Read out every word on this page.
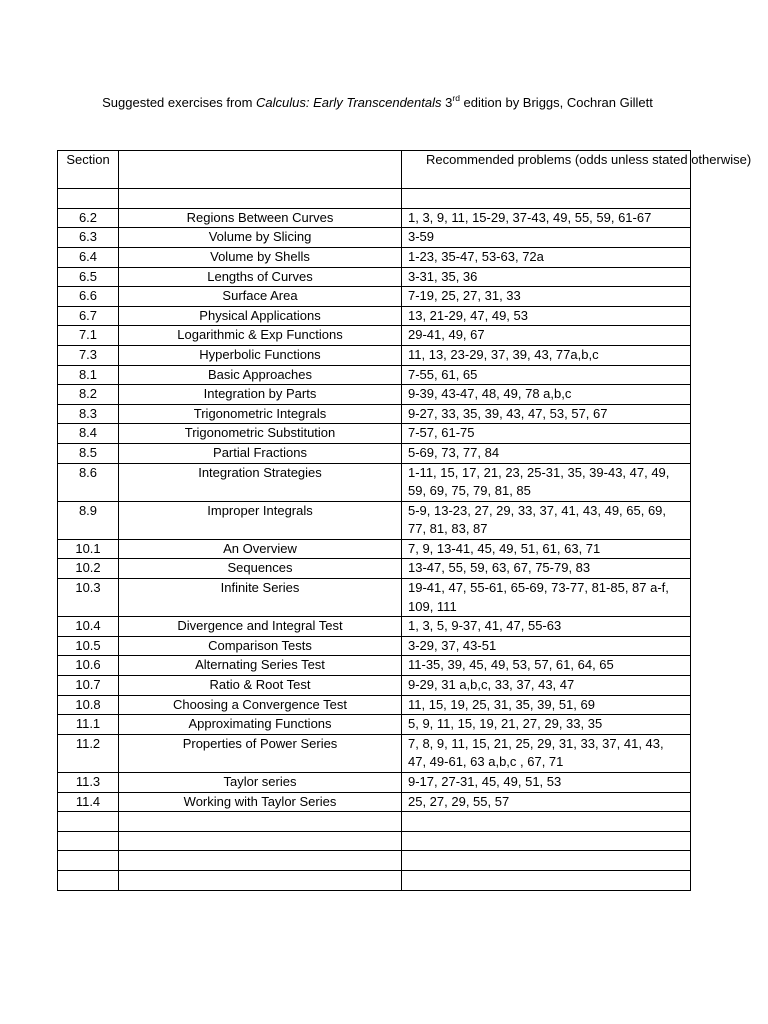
Suggested exercises from Calculus: Early Transcendentals 3rd edition by Briggs, Cochran Gillett
Section		Recommended problems (odds unless stated otherwise)

6.2	Regions Between Curves	1, 3, 9, 11, 15-29, 37-43, 49, 55, 59, 61-67

6.3	Volume by Slicing	3-59

6.4	Volume by Shells	1-23, 35-47, 53-63, 72a

6.5	Lengths of Curves	3-31, 35, 36

6.6	Surface Area	7-19, 25, 27, 31, 33

6.7	Physical Applications	13, 21-29, 47, 49, 53

7.1	Logarithmic & Exp Functions	29-41, 49, 67

7.3	Hyperbolic Functions	11, 13, 23-29, 37, 39, 43, 77a,b,c

8.1	Basic Approaches	7-55, 61, 65

8.2	Integration by Parts	9-39, 43-47, 48, 49, 78 a,b,c

8.3	Trigonometric Integrals	9-27, 33, 35, 39, 43, 47, 53, 57, 67

8.4	Trigonometric Substitution	7-57, 61-75

8.5	Partial Fractions	5-69, 73, 77, 84

8.6	Integration Strategies	1-11, 15, 17, 21, 23, 25-31, 35, 39-43, 47, 49,
59, 69, 75, 79, 81, 85

8.9	Improper Integrals	5-9, 13-23, 27, 29, 33, 37, 41, 43, 49, 65, 69,
77, 81, 83, 87

10.1	An Overview	7, 9, 13-41, 45, 49, 51, 61, 63, 71

10.2	Sequences	13-47, 55, 59, 63, 67, 75-79, 83

10.3	Infinite Series	19-41, 47, 55-61, 65-69, 73-77, 81-85, 87 a-f,
109, 111

10.4	Divergence and Integral Test	1, 3, 5, 9-37, 41, 47, 55-63

10.5	Comparison Tests	3-29, 37, 43-51

10.6	Alternating Series Test	11-35, 39, 45, 49, 53, 57, 61, 64, 65

10.7	Ratio & Root Test	9-29, 31 a,b,c, 33, 37, 43, 47

10.8	Choosing a Convergence Test	11, 15, 19, 25, 31, 35, 39, 51, 69

11.1	Approximating Functions	5, 9, 11, 15, 19, 21, 27, 29, 33, 35

11.2	Properties of Power Series	7, 8, 9, 11, 15, 21, 25, 29, 31, 33, 37, 41, 43,
47, 49-61, 63 a,b,c , 67, 71

11.3	Taylor series	9-17, 27-31, 45, 49, 51, 53

11.4	Working with Taylor Series	25, 27, 29, 55, 57
